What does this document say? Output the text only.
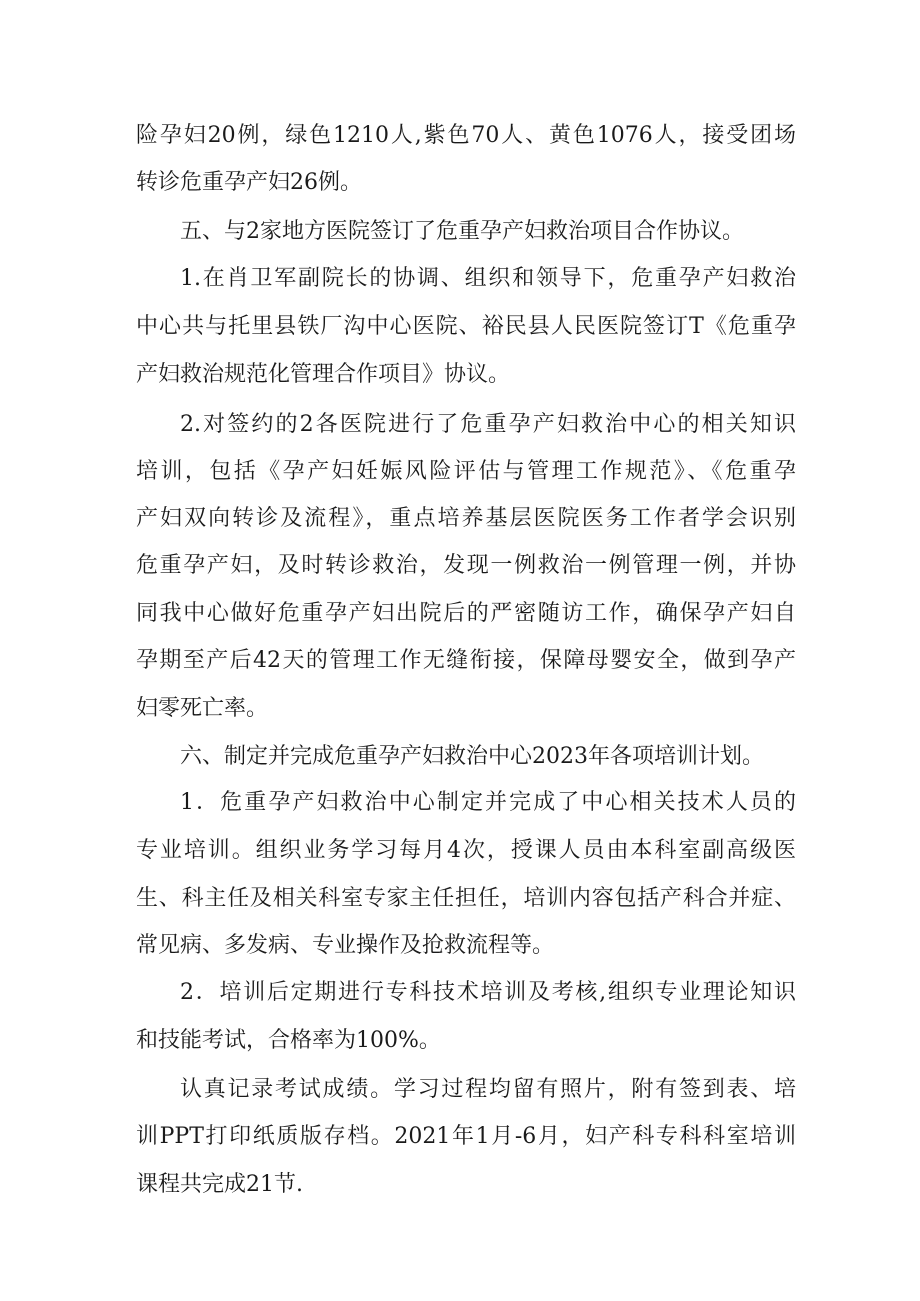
险孕妇20例，绿色1210人,紫色70人、黄色1076人，接受团场
转诊危重孕产妇26例。
五、与2家地方医院签订了危重孕产妇救治项目合作协议。
1.在肖卫军副院长的协调、组织和领导下，危重孕产妇救治
中心共与托里县铁厂沟中心医院、裕民县人民医院签订T《危重孕
产妇救治规范化管理合作项目》协议。
2.对签约的2各医院进行了危重孕产妇救治中心的相关知识
培训，包括《孕产妇妊娠风险评估与管理工作规范》、《危重孕
产妇双向转诊及流程》，重点培养基层医院医务工作者学会识别
危重孕产妇，及时转诊救治，发现一例救治一例管理一例，并协
同我中心做好危重孕产妇出院后的严密随访工作，确保孕产妇自
孕期至产后42天的管理工作无缝衔接，保障母婴安全，做到孕产
妇零死亡率。
六、制定并完成危重孕产妇救治中心2023年各项培训计划。
1．危重孕产妇救治中心制定并完成了中心相关技术人员的
专业培训。组织业务学习每月4次，授课人员由本科室副高级医
生、科主任及相关科室专家主任担任，培训内容包括产科合并症、
常见病、多发病、专业操作及抢救流程等。
2．培训后定期进行专科技术培训及考核,组织专业理论知识
和技能考试，合格率为100%。
认真记录考试成绩。学习过程均留有照片，附有签到表、培
训PPT打印纸质版存档。2021年1月-6月，妇产科专科科室培训
课程共完成21节.
